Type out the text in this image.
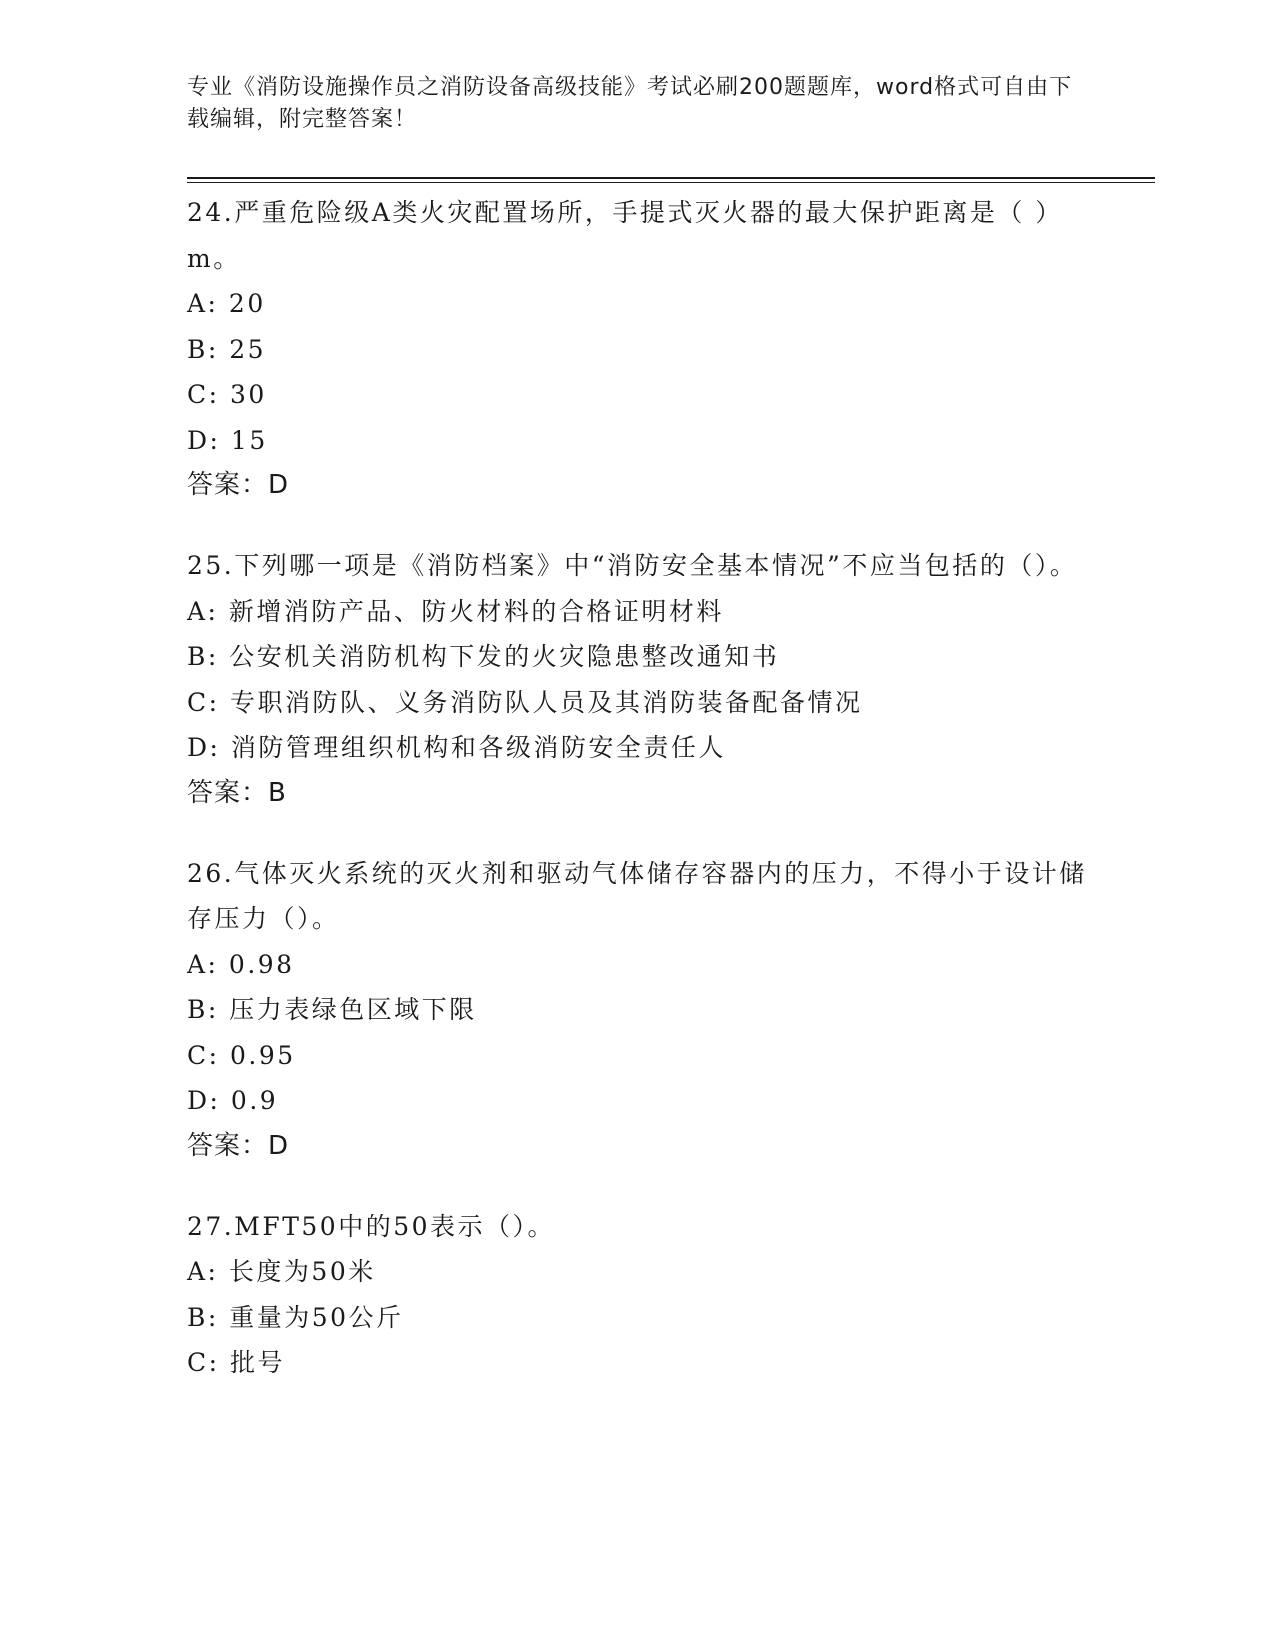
专业《消防设施操作员之消防设备高级技能》考试必刷200题题库，word格式可自由下载编辑，附完整答案！

24.严重危险级A类火灾配置场所，手提式灭火器的最大保护距离是（ ）m。

A: 20

B: 25

C: 30

D: 15

答案：D

25.下列哪一项是《消防档案》中“消防安全基本情况”不应当包括的（）。

A: 新增消防产品、防火材料的合格证明材料

B: 公安机关消防机构下发的火灾隐患整改通知书

C: 专职消防队、义务消防队人员及其消防装备配备情况

D: 消防管理组织机构和各级消防安全责任人

答案：B

26.气体灭火系统的灭火剂和驱动气体储存容器内的压力，不得小于设计储存压力（）。

A: 0.98

B: 压力表绿色区域下限

C: 0.95

D: 0.9

答案：D

27.MFT50中的50表示（）。

A: 长度为50米

B: 重量为50公斤

C: 批号
